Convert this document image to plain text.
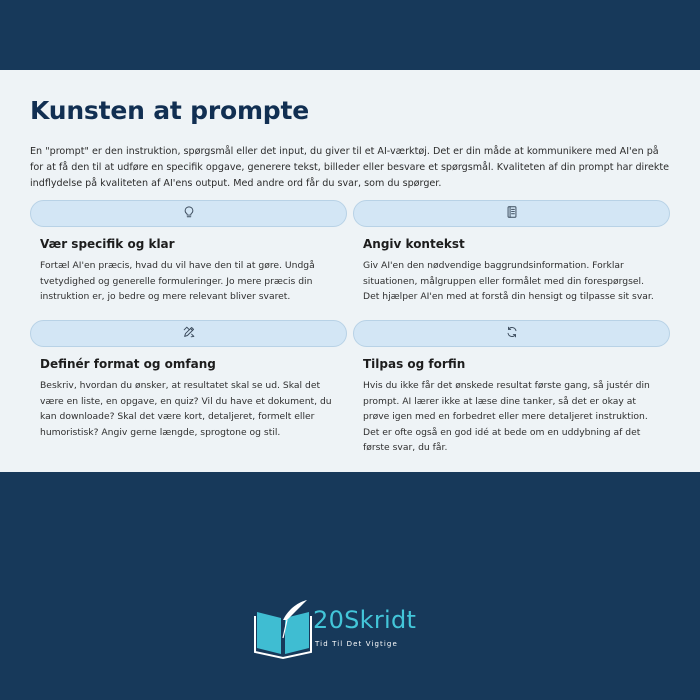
Kunsten at prompte

En "prompt" er den instruktion, spørgsmål eller det input, du giver til et AI-værktøj. Det er din måde at kommunikere med AI'en på for at få den til at udføre en specifik opgave, generere tekst, billeder eller besvare et spørgsmål. Kvaliteten af din prompt har direkte indflydelse på kvaliteten af AI'ens output. Med andre ord får du svar, som du spørger.

Vær specifik og klar
Fortæl AI'en præcis, hvad du vil have den til at gøre. Undgå tvetydighed og generelle formuleringer. Jo mere præcis din instruktion er, jo bedre og mere relevant bliver svaret.
Angiv kontekst
Giv AI'en den nødvendige baggrundsinformation. Forklar situationen, målgruppen eller formålet med din forespørgsel. Det hjælper AI'en med at forstå din hensigt og tilpasse sit svar.
Definér format og omfang
Beskriv, hvordan du ønsker, at resultatet skal se ud. Skal det være en liste, en opgave, en quiz? Vil du have et dokument, du kan downloade? Skal det være kort, detaljeret, formelt eller humoristisk? Angiv gerne længde, sprogtone og stil.
Tilpas og forfin
Hvis du ikke får det ønskede resultat første gang, så justér din prompt. AI lærer ikke at læse dine tanker, så det er okay at prøve igen med en forbedret eller mere detaljeret instruktion. Det er ofte også en god idé at bede om en uddybning af det første svar, du får.
20Skridt
Tid Til Det Vigtige
